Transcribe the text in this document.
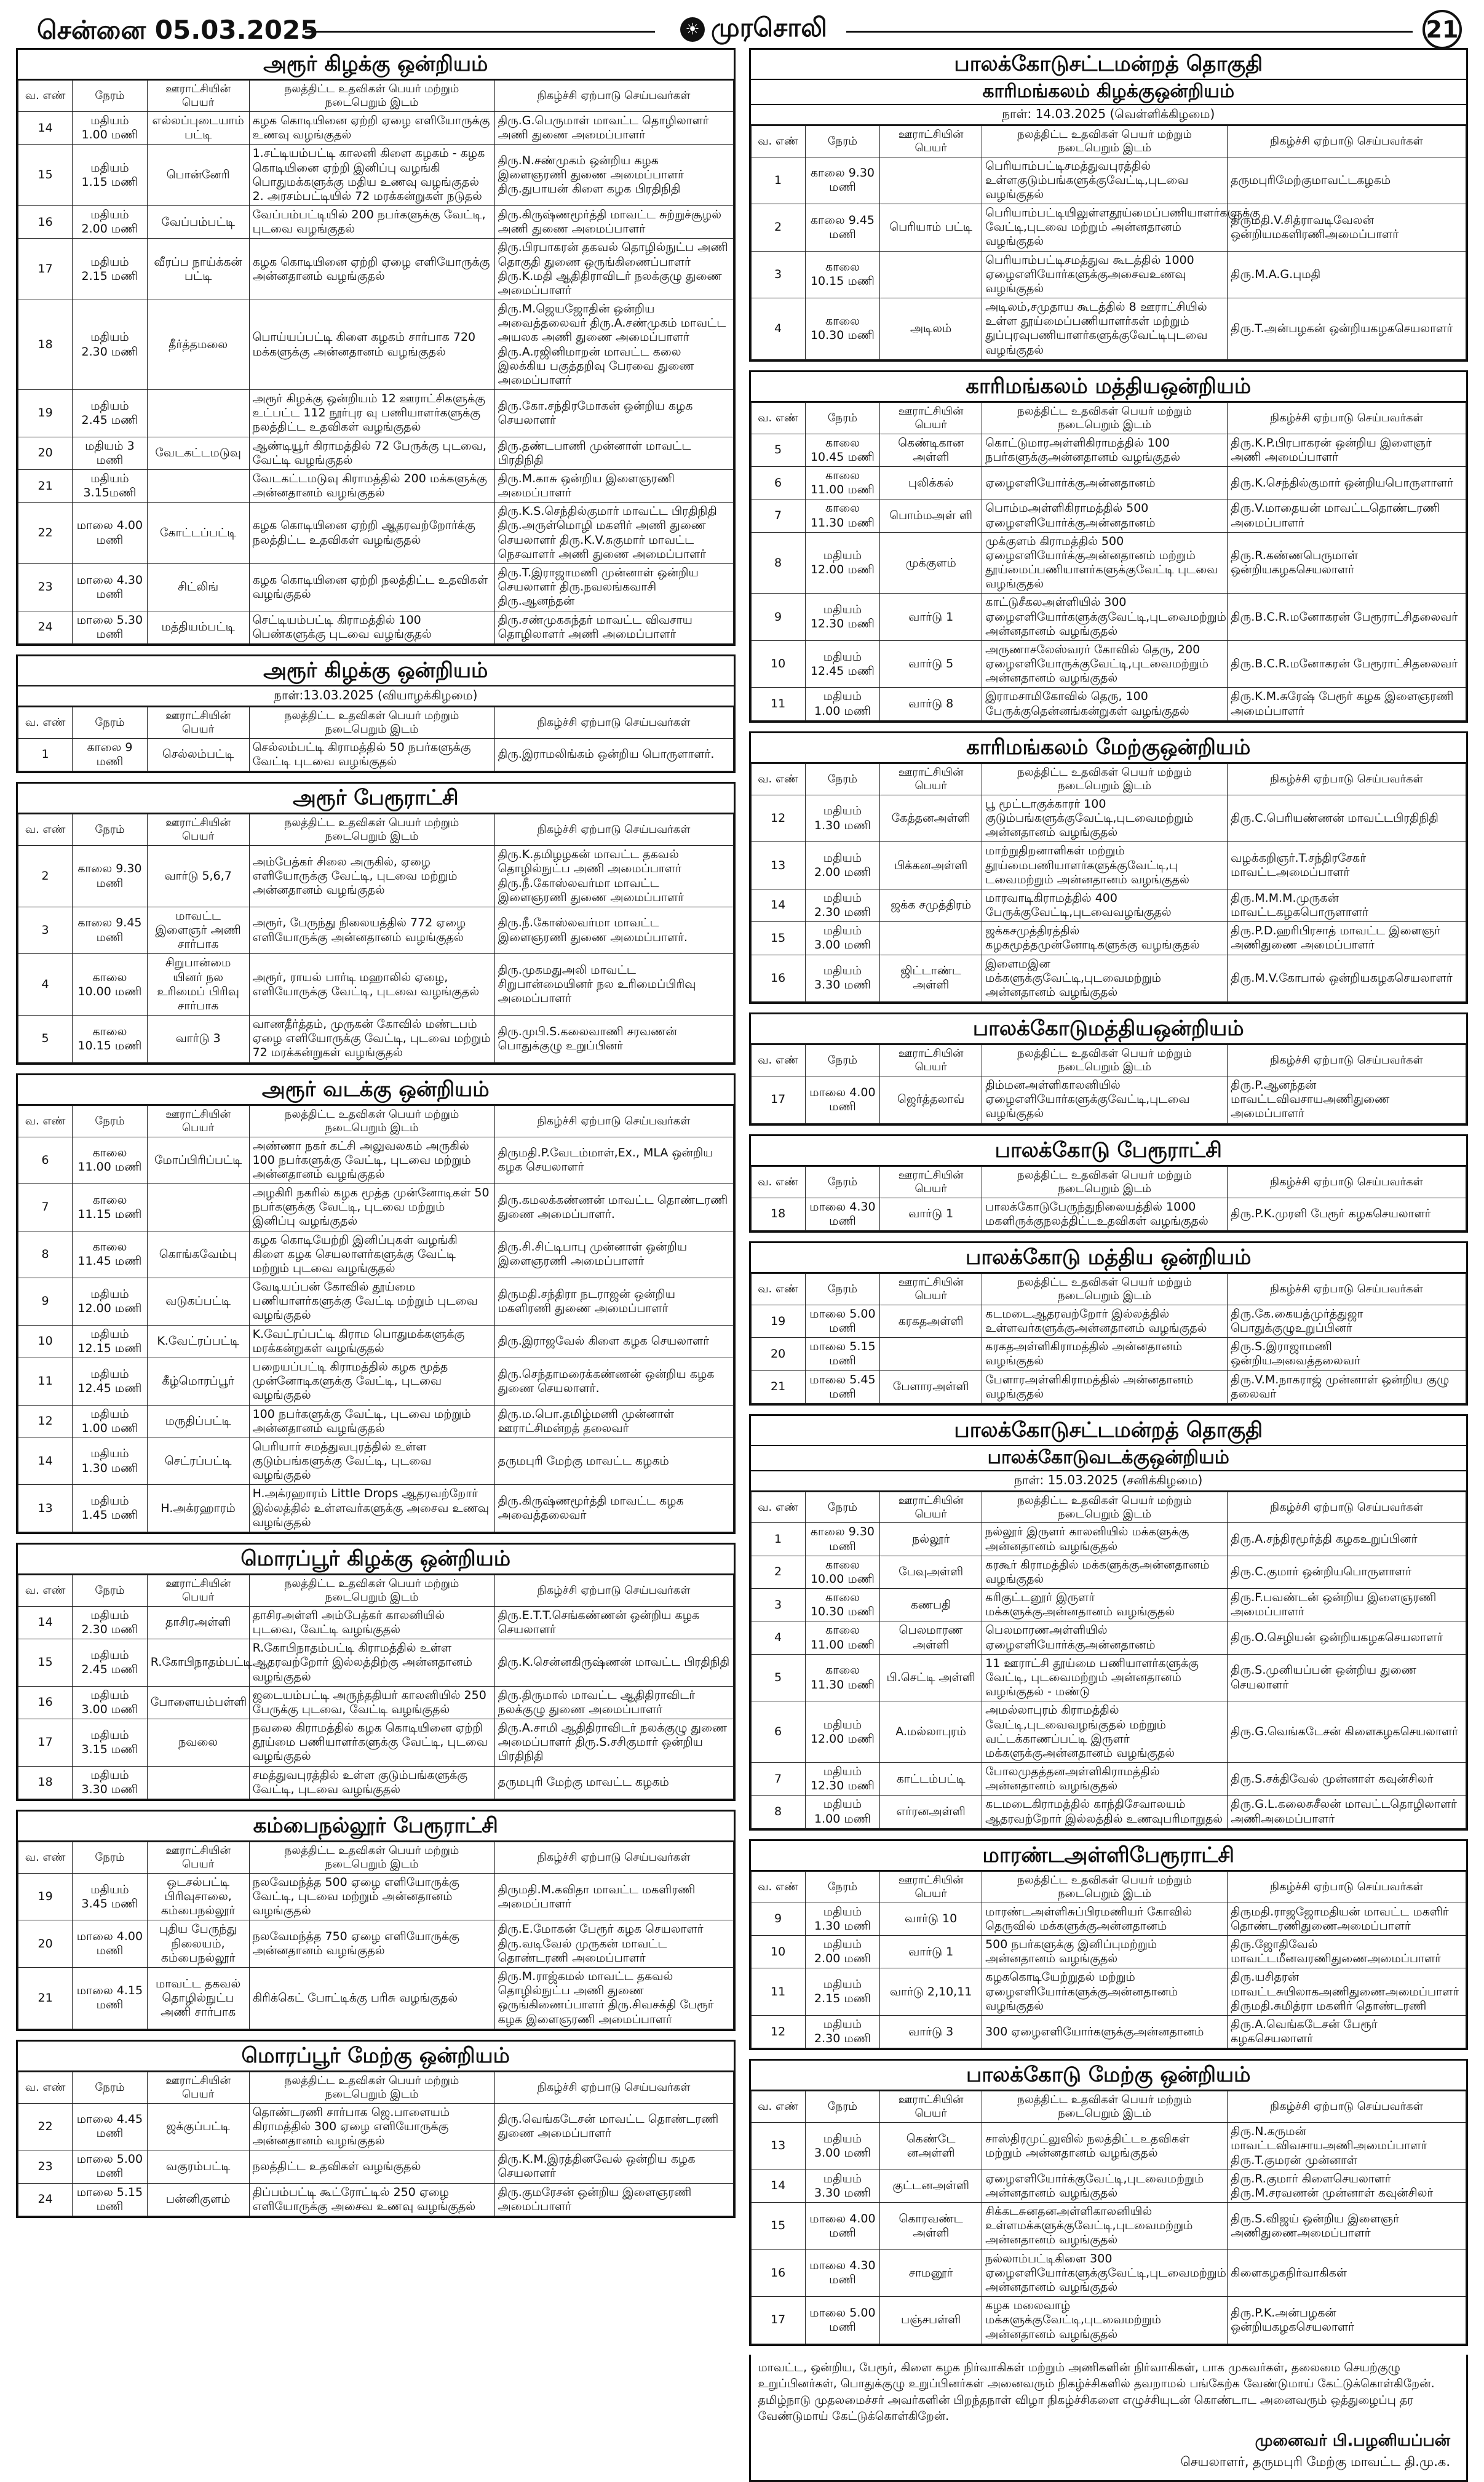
சென்னை 05.03.2025	☀ முரசொலி	21
அரூர் கிழக்கு ஒன்றியம்
வ. எண்	நேரம்	ஊராட்சியின் பெயர்	நலத்திட்ட உதவிகள் பெயர் மற்றும் நடைபெறும் இடம்	நிகழ்ச்சி ஏற்பாடு செய்பவர்கள்
14	மதியம் 1.00 மணி	எல்லப்புடையாம் பட்டி	கழக கொடியினை ஏற்றி ஏழை எளியோருக்கு உணவு வழங்குதல்	திரு.G.பெருமாள் மாவட்ட தொழிலாளர் அணி துணை அமைப்பாளர்
15	மதியம் 1.15 மணி	பொன்னேரி	1.சட்டியம்பட்டி காலனி கிளை கழகம் - கழக கொடியினை ஏற்றி இனிப்பு வழங்கி பொதுமக்களுக்கு மதிய உணவு வழங்குதல் 2. அரசம்பட்டியில் 72 மரக்கன்றுகள் நடுதல்	திரு.N.சண்முகம் ஒன்றிய கழக இளைஞரணி துணை அமைப்பாளர் திரு.துபாயன் கிளை கழக பிரதிநிதி
16	மதியம் 2.00 மணி	வேப்பம்பட்டி	வேப்பம்பட்டியில் 200 நபர்களுக்கு வேட்டி, புடவை வழங்குதல்	திரு.கிருஷ்ணமூர்த்தி மாவட்ட சுற்றுச்சூழல் அணி துணை அமைப்பாளர்
17	மதியம் 2.15 மணி	வீரப்ப நாய்க்கன் பட்டி	கழக கொடியினை ஏற்றி ஏழை எளியோருக்கு அன்னதானம் வழங்குதல்	திரு.பிரபாகரன் தகவல் தொழில்நுட்ப அணி தொகுதி துணை ஒருங்கிணைப்பாளர் திரு.K.மதி ஆதிதிராவிடர் நலக்குழு துணை அமைப்பாளர்
18	மதியம் 2.30 மணி	தீர்த்தமலை	பொய்யப்பட்டி கிளை கழகம் சார்பாக 720 மக்களுக்கு அன்னதானம் வழங்குதல்	திரு.M.ஜெயஜோதின் ஒன்றிய அவைத்தலைவர் திரு.A.சண்முகம் மாவட்ட அயலக அணி துணை அமைப்பாளர் திரு.A.ரஜினிமாறன் மாவட்ட கலை இலக்கிய பகுத்தறிவு பேரவை துணை அமைப்பாளர்
19	மதியம் 2.45 மணி		அரூர் கிழக்கு ஒன்றியம் 12 ஊராட்சிகளுக்கு உட்பட்ட 112 நூர்புர வு பணியாளர்களுக்கு நலத்திட்ட உதவிகள் வழங்குதல்	திரு.கோ.சந்திரமோகன் ஒன்றிய கழக செயலாளர்
20	மதியம் 3 மணி	வேடகட்டமடுவு	ஆண்டியூர் கிராமத்தில் 72 பேருக்கு புடவை, வேட்டி வழங்குதல்	திரு.தண்டபாணி முன்னாள் மாவட்ட பிரதிநிதி
21	மதியம் 3.15மணி		வேடகட்டமடுவு கிராமத்தில் 200 மக்களுக்கு அன்னதானம் வழங்குதல்	திரு.M.காசு ஒன்றிய இளைஞரணி அமைப்பாளர்
22	மாலை 4.00 மணி	கோட்டப்பட்டி	கழக கொடியினை ஏற்றி ஆதரவற்றோர்க்கு நலத்திட்ட உதவிகள் வழங்குதல்	திரு.K.S.செந்தில்குமார் மாவட்ட பிரதிநிதி திரு.அருள்மொழி மகளிர் அணி துணை செயலாளர் திரு.K.V.சுகுமார் மாவட்ட நெசவாளர் அணி துணை அமைப்பாளர்
23	மாலை 4.30 மணி	சிட்லிங்	கழக கொடியினை ஏற்றி நலத்திட்ட உதவிகள் வழங்குதல்	திரு.T.இராஜாமணி முன்னாள் ஒன்றிய செயலாளர் திரு.நவலங்கவாசி திரு.ஆனந்தன்
24	மாலை 5.30 மணி	மத்தியம்பட்டி	செட்டியம்பட்டி கிராமத்தில் 100 பெண்களுக்கு புடவை வழங்குதல்	திரு.சண்முகசுந்தர் மாவட்ட விவசாய தொழிலாளர் அணி அமைப்பாளர்
அரூர் கிழக்கு ஒன்றியம்
நாள்:13.03.2025 (வியாழக்கிழமை)
வ. எண்	நேரம்	ஊராட்சியின் பெயர்	நலத்திட்ட உதவிகள் பெயர் மற்றும் நடைபெறும் இடம்	நிகழ்ச்சி ஏற்பாடு செய்பவர்கள்
1	காலை 9 மணி	செல்லம்பட்டி	செல்லம்பட்டி கிராமத்தில் 50 நபர்களுக்கு வேட்டி புடவை வழங்குதல்	திரு.இராமலிங்கம் ஒன்றிய பொருளாளர்.
அரூர் பேரூராட்சி
வ. எண்	நேரம்	ஊராட்சியின் பெயர்	நலத்திட்ட உதவிகள் பெயர் மற்றும் நடைபெறும் இடம்	நிகழ்ச்சி ஏற்பாடு செய்பவர்கள்
2	காலை 9.30 மணி	வார்டு 5,6,7	அம்பேத்கர் சிலை அருகில், ஏழை எளியோருக்கு வேட்டி, புடவை மற்றும் அன்னதானம் வழங்குதல்	திரு.K.தமிழழகன் மாவட்ட தகவல் தொழில்நுட்ப அணி அமைப்பாளர் திரு.நீ.கோஸ்லவர்மா மாவட்ட இளைஞரணி துணை அமைப்பாளர்
3	காலை 9.45 மணி	மாவட்ட இளைஞர் அணி சார்பாக	அரூர், பேருந்து நிலையத்தில் 772 ஏழை எளியோருக்கு அன்னதானம் வழங்குதல்	திரு.நீ.கோஸ்லவர்மா மாவட்ட இளைஞரணி துணை அமைப்பாளர்.
4	காலை 10.00 மணி	சிறுபான்மை யினர் நல உரிமைப் பிரிவு சார்பாக	அரூர், ராயல் பார்டி மஹாலில் ஏழை, எளியோருக்கு வேட்டி, புடவை வழங்குதல்	திரு.முகமதுஅலி மாவட்ட சிறுபான்மையினர் நல உரிமைப்பிரிவு அமைப்பாளர்
5	காலை 10.15 மணி	வார்டு 3	வாணதீர்த்தம், முருகன் கோவில் மண்டபம் ஏழை எளியோருக்கு வேட்டி, புடவை மற்றும் 72 மரக்கன்றுகள் வழங்குதல்	திரு.முபி.S.கலைவாணி சரவணன் பொதுக்குழு உறுப்பினர்
அரூர் வடக்கு ஒன்றியம்
வ. எண்	நேரம்	ஊராட்சியின் பெயர்	நலத்திட்ட உதவிகள் பெயர் மற்றும் நடைபெறும் இடம்	நிகழ்ச்சி ஏற்பாடு செய்பவர்கள்
6	காலை 11.00 மணி	மோப்பிரிப்பட்டி	அண்ணா நகர் கட்சி அலுவலகம் அருகில் 100 நபர்களுக்கு வேட்டி, புடவை மற்றும் அன்னதானம் வழங்குதல்	திருமதி.P.வேடம்மாள்,Ex., MLA ஒன்றிய கழக செயலாளர்
7	காலை 11.15 மணி		அழகிரி நகரில் கழக மூத்த முன்னோடிகள் 50 நபர்களுக்கு வேட்டி, புடவை மற்றும் இனிப்பு வழங்குதல்	திரு.கமலக்கண்ணன் மாவட்ட தொண்டரணி துணை அமைப்பாளர்.
8	காலை 11.45 மணி	கொங்கவேம்பு	கழக கொடியேற்றி இனிப்புகள் வழங்கி கிளை கழக செயலாளர்களுக்கு வேட்டி மற்றும் புடவை வழங்குதல்	திரு.சி.சிட்டிபாபு முன்னாள் ஒன்றிய இளைஞரணி அமைப்பாளர்
9	மதியம் 12.00 மணி	வடுகப்பட்டி	வேடியப்பன் கோவில் தூய்மை பணியாளர்களுக்கு வேட்டி மற்றும் புடவை வழங்குதல்	திருமதி.சந்திரா நடராஜன் ஒன்றிய மகளிரணி துணை அமைப்பாளர்
10	மதியம் 12.15 மணி	K.வேட்ரப்பட்டி	K.வேட்ரப்பட்டி கிராம பொதுமக்களுக்கு மரக்கன்றுகள் வழங்குதல்	திரு.இராஜவேல் கிளை கழக செயலாளர்
11	மதியம் 12.45 மணி	கீழ்மொரப்பூர்	பறையப்பட்டி கிராமத்தில் கழக மூத்த முன்னோடிகளுக்கு வேட்டி, புடவை வழங்குதல்	திரு.செந்தாமரைக்கண்ணன் ஒன்றிய கழக துணை செயலாளர்.
12	மதியம் 1.00 மணி	மருதிப்பட்டி	100 நபர்களுக்கு வேட்டி, புடவை மற்றும் அன்னதானம் வழங்குதல்	திரு.ம.பொ.தமிழ்மணி முன்னாள் ஊராட்சிமன்றத் தலைவர்
14	மதியம் 1.30 மணி	செட்ரப்பட்டி	பெரியார் சமத்துவபுரத்தில் உள்ள குடும்பங்களுக்கு வேட்டி, புடவை வழங்குதல்	தருமபுரி மேற்கு மாவட்ட கழகம்
13	மதியம் 1.45 மணி	H.அக்ரஹாரம்	H.அக்ரஹாரம் Little Drops ஆதரவற்றோர் இல்லத்தில் உள்ளவர்களுக்கு அசைவ உணவு வழங்குதல்	திரு.கிருஷ்ணமூர்த்தி மாவட்ட கழக அவைத்தலைவர்
மொரப்பூர் கிழக்கு ஒன்றியம்
வ. எண்	நேரம்	ஊராட்சியின் பெயர்	நலத்திட்ட உதவிகள் பெயர் மற்றும் நடைபெறும் இடம்	நிகழ்ச்சி ஏற்பாடு செய்பவர்கள்
14	மதியம் 2.30 மணி	தாசிரஅள்ளி	தாசிரஅள்ளி அம்பேத்கர் காலனியில் புடவை, வேட்டி வழங்குதல்	திரு.E.T.T.செங்கண்ணன் ஒன்றிய கழக செயலாளர்
15	மதியம் 2.45 மணி	R.கோபிநாதம்பட்டி	R.கோபிநாதம்பட்டி கிராமத்தில் உள்ள ஆதரவற்றோர் இல்லத்திற்கு அன்னதானம் வழங்குதல்	திரு.K.சென்னகிருஷ்ணன் மாவட்ட பிரதிநிதி
16	மதியம் 3.00 மணி	போளையம்பள்ளி	ஜடையம்பட்டி அருந்ததியர் காலனியில் 250 பேருக்கு புடவை, வேட்டி வழங்குதல்	திரு.திருமால் மாவட்ட ஆதிதிராவிடர் நலக்குழு துணை அமைப்பாளர்
17	மதியம் 3.15 மணி	நவலை	நவலை கிராமத்தில் கழக கொடியினை ஏற்றி தூய்மை பணியாளர்களுக்கு வேட்டி, புடவை வழங்குதல்	திரு.A.சாமி ஆதிதிராவிடர் நலக்குழு துணை அமைப்பாளர் திரு.S.சசிகுமார் ஒன்றிய பிரதிநிதி
18	மதியம் 3.30 மணி		சமத்துவபுரத்தில் உள்ள குடும்பங்களுக்கு வேட்டி, புடவை வழங்குதல்	தருமபுரி மேற்கு மாவட்ட கழகம்
கம்பைநல்லூர் பேரூராட்சி
வ. எண்	நேரம்	ஊராட்சியின் பெயர்	நலத்திட்ட உதவிகள் பெயர் மற்றும் நடைபெறும் இடம்	நிகழ்ச்சி ஏற்பாடு செய்பவர்கள்
19	மதியம் 3.45 மணி	ஒடசல்பட்டி பிரிவுசாலை, கம்பைநல்லூர்	நலவேமந்த்த 500 ஏழை எளியோருக்கு வேட்டி, புடவை மற்றும் அன்னதானம் வழங்குதல்	திருமதி.M.கவிதா மாவட்ட மகளிரணி அமைப்பாளர்
20	மாலை 4.00 மணி	புதிய பேருந்து நிலையம், கம்பைநல்லூர்	நலவேமந்த்த 750 ஏழை எளியோருக்கு அன்னதானம் வழங்குதல்	திரு.E.மோகன் பேரூர் கழக செயலாளர் திரு.வடிவேல் முருகன் மாவட்ட தொண்டரணி அமைப்பாளர்
21	மாலை 4.15 மணி	மாவட்ட தகவல் தொழில்நுட்ப அணி சார்பாக	கிரிக்கெட் போட்டிக்கு பரிசு வழங்குதல்	திரு.M.ராஜ்கமல் மாவட்ட தகவல் தொழில்நுட்ப அணி துணை ஒருங்கிணைப்பாளர் திரு.சிவசக்தி பேரூர் கழக இளைஞரணி அமைப்பாளர்
மொரப்பூர் மேற்கு ஒன்றியம்
வ. எண்	நேரம்	ஊராட்சியின் பெயர்	நலத்திட்ட உதவிகள் பெயர் மற்றும் நடைபெறும் இடம்	நிகழ்ச்சி ஏற்பாடு செய்பவர்கள்
22	மாலை 4.45 மணி	ஜக்குப்பட்டி	தொண்டரணி சார்பாக ஜெ.பாளையம் கிராமத்தில் 300 ஏழை எளியோருக்கு அன்னதானம் வழங்குதல்	திரு.வெங்கடேசன் மாவட்ட தொண்டரணி துணை அமைப்பாளர்
23	மாலை 5.00 மணி	வகுரம்பட்டி	நலத்திட்ட உதவிகள் வழங்குதல்	திரு.K.M.இரத்தினவேல் ஒன்றிய கழக செயலாளர்
24	மாலை 5.15 மணி	பன்னிகுளம்	திப்பம்பட்டி கூட்ரோட்டில் 250 ஏழை எளியோருக்கு அசைவ உணவு வழங்குதல்	திரு.குமரேசன் ஒன்றிய இளைஞரணி அமைப்பாளர்
பாலக்கோடுசட்டமன்றத் தொகுதி
காரிமங்கலம் கிழக்குஒன்றியம்
நாள்: 14.03.2025 (வெள்ளிக்கிழமை)
வ. எண்	நேரம்	ஊராட்சியின் பெயர்	நலத்திட்ட உதவிகள் பெயர் மற்றும் நடைபெறும் இடம்	நிகழ்ச்சி ஏற்பாடு செய்பவர்கள்
1	காலை 9.30 மணி		பெரியாம்பட்டிசமத்துவபுரத்தில் உள்ளகுடும்பங்களுக்குவேட்டி,புடவை வழங்குதல்	தருமபுரிமேற்குமாவட்டகழகம்
2	காலை 9.45 மணி	பெரியாம் பட்டி	பெரியாம்பட்டியிலுள்ளதூய்மைப்பணியாளர்களுக்கு வேட்டி,புடவை மற்றும் அன்னதானம் வழங்குதல்	திருமதி.V.சித்ராவடிவேலன் ஒன்றியமகளிரணிஅமைப்பாளர்
3	காலை 10.15 மணி		பெரியாம்பட்டிசமத்துவ கூடத்தில் 1000 ஏழைஎளியோர்களுக்குஅசைவஉணவு வழங்குதல்	திரு.M.A.G.புமதி
4	காலை 10.30 மணி	அடிலம்	அடிலம்,சமுதாய கூடத்தில் 8 ஊராட்சியில் உள்ள தூய்மைப்பணியாளர்கள் மற்றும் துப்புரவுபணியாளர்களுக்குவேட்டிபுடவை வழங்குதல்	திரு.T.அன்பழகன் ஒன்றியகழகசெயலாளர்
காரிமங்கலம் மத்தியஒன்றியம்
வ. எண்	நேரம்	ஊராட்சியின் பெயர்	நலத்திட்ட உதவிகள் பெயர் மற்றும் நடைபெறும் இடம்	நிகழ்ச்சி ஏற்பாடு செய்பவர்கள்
5	காலை 10.45 மணி	கெண்டிகான அள்ளி	கொட்டுமாரஅள்ளிகிராமத்தில் 100 நபர்களுக்குஅன்னதானம் வழங்குதல்	திரு.K.P.பிரபாகரன் ஒன்றிய இளைஞர் அணி அமைப்பாளர்
6	காலை 11.00 மணி	புலிக்கல்	ஏழைஎளியோர்க்குஅன்னதானம்	திரு.K.செந்தில்குமார் ஒன்றியபொருளாளர்
7	காலை 11.30 மணி	பொம்மஅள் ளி	பொம்மஅள்ளிகிராமத்தில் 500 ஏழைஎளியோர்க்குஅன்னதானம்	திரு.V.மாதையன் மாவட்டதொண்டரணி அமைப்பாளர்
8	மதியம் 12.00 மணி	முக்குளம்	முக்குளம் கிராமத்தில் 500 ஏழைஎளியோர்க்குஅன்னதானம் மற்றும் தூய்மைப்பணியாளர்களுக்குவேட்டி புடவை வழங்குதல்	திரு.R.கண்ணபெருமாள் ஒன்றியகழகசெயலாளர்
9	மதியம் 12.30 மணி	வார்டு 1	காட்டுசீகலஅள்ளியில் 300 ஏழைஎளியோர்களுக்குவேட்டி,புடவைமற்றும் அன்னதானம் வழங்குதல்	திரு.B.C.R.மனோகரன் பேரூராட்சிதலைவர்
10	மதியம் 12.45 மணி	வார்டு 5	அருணாசலேஸ்வரர் கோவில் தெரு, 200 ஏழைஎளியோருக்குவேட்டி,புடவைமற்றும் அன்னதானம் வழங்குதல்	திரு.B.C.R.மனோகரன் பேரூராட்சிதலைவர்
11	மதியம் 1.00 மணி	வார்டு 8	இராமசாமிகோவில் தெரு, 100 பேருக்குதென்னங்கன்றுகள் வழங்குதல்	திரு.K.M.சுரேஷ் பேரூர் கழக இளைஞரணி அமைப்பாளர்
காரிமங்கலம் மேற்குஒன்றியம்
வ. எண்	நேரம்	ஊராட்சியின் பெயர்	நலத்திட்ட உதவிகள் பெயர் மற்றும் நடைபெறும் இடம்	நிகழ்ச்சி ஏற்பாடு செய்பவர்கள்
12	மதியம் 1.30 மணி	கேத்தனஅள்ளி	பூ மூட்டாகுக்காரர் 100 குடும்பங்களுக்குவேட்டி,புடவைமற்றும் அன்னதானம் வழங்குதல்	திரு.C.பெரியண்ணன் மாவட்டபிரதிநிதி
13	மதியம் 2.00 மணி	பிக்கனஅள்ளி	மாற்றுதிறனாளிகள் மற்றும் தூய்மைபணியாளர்களுக்குவேட்டி,பு டவைமற்றும் அன்னதானம் வழங்குதல்	வழக்கறிஞர்.T.சந்திரசேகர் மாவட்டஅமைப்பாளர்
14	மதியம் 2.30 மணி	ஜக்க சமுத்திரம்	மாரவாடிகிராமத்தில் 400 பேருக்குவேட்டி,புடவைவழங்குதல்	திரு.M.M.M.முருகன் மாவட்டகழகபொருளாளர்
15	மதியம் 3.00 மணி		ஜக்கசமுத்திரத்தில் கழகமூத்தமுன்னோடிகளுக்கு வழங்குதல்	திரு.P.D.ஹரிபிரசாத் மாவட்ட இளைஞர் அணிதுணை அமைப்பாளர்
16	மதியம் 3.30 மணி	ஜிட்டாண்ட அள்ளி	இளைமஇன மக்களுக்குவேட்டி,புடவைமற்றும் அன்னதானம் வழங்குதல்	திரு.M.V.கோபால் ஒன்றியகழகசெயலாளர்
பாலக்கோடுமத்தியஒன்றியம்
வ. எண்	நேரம்	ஊராட்சியின் பெயர்	நலத்திட்ட உதவிகள் பெயர் மற்றும் நடைபெறும் இடம்	நிகழ்ச்சி ஏற்பாடு செய்பவர்கள்
17	மாலை 4.00 மணி	ஜெர்த்தலாவ்	திம்மனஅள்ளிகாலனியில் ஏழைஎளியோர்களுக்குவேட்டி,புடவை வழங்குதல்	திரு.P.ஆனந்தன் மாவட்டவிவசாயஅணிதுணை அமைப்பாளர்
பாலக்கோடு பேரூராட்சி
வ. எண்	நேரம்	ஊராட்சியின் பெயர்	நலத்திட்ட உதவிகள் பெயர் மற்றும் நடைபெறும் இடம்	நிகழ்ச்சி ஏற்பாடு செய்பவர்கள்
18	மாலை 4.30 மணி	வார்டு 1	பாலக்கோடுபேருந்துநிலையத்தில் 1000 மகளிருக்குநலத்திட்டஉதவிகள் வழங்குதல்	திரு.P.K.முரளி பேரூர் கழகசெயலாளர்
பாலக்கோடு மத்திய ஒன்றியம்
வ. எண்	நேரம்	ஊராட்சியின் பெயர்	நலத்திட்ட உதவிகள் பெயர் மற்றும் நடைபெறும் இடம்	நிகழ்ச்சி ஏற்பாடு செய்பவர்கள்
19	மாலை 5.00 மணி	கரகதஅள்ளி	கடமடைஆதரவற்றோர் இல்லத்தில் உள்ளவர்களுக்குஅன்னதானம் வழங்குதல்	திரு.கே.கையத்முர்த்துஜா பொதுக்குழுஉறுப்பினர்
20	மாலை 5.15 மணி		கரகதஅள்ளிகிராமத்தில் அன்னதானம் வழங்குதல்	திரு.S.இராஜாமணி ஒன்றியஅவைத்தலைவர்
21	மாலை 5.45 மணி	பேளாரஅள்ளி	பேளாரஅள்ளிகிராமத்தில் அன்னதானம் வழங்குதல்	திரு.V.M.நாகராஜ் முன்னாள் ஒன்றிய குழு தலைவர்
பாலக்கோடுசட்டமன்றத் தொகுதி
பாலக்கோடுவடக்குஒன்றியம்
நாள்: 15.03.2025 (சனிக்கிழமை)
வ. எண்	நேரம்	ஊராட்சியின் பெயர்	நலத்திட்ட உதவிகள் பெயர் மற்றும் நடைபெறும் இடம்	நிகழ்ச்சி ஏற்பாடு செய்பவர்கள்
1	காலை 9.30 மணி	நல்லூர்	நல்லூர் இருளர் காலனியில் மக்களுக்கு அன்னதானம் வழங்குதல்	திரு.A.சந்திரமூர்த்தி கழகஉறுப்பினர்
2	காலை 10.00 மணி	பேவுஅள்ளி	கரகூர் கிராமத்தில் மக்களுக்குஅன்னதானம் வழங்குதல்	திரு.C.குமார் ஒன்றியபொருளாளர்
3	காலை 10.30 மணி	கணபதி	கரிகுட்டனூர் இருளர் மக்களுக்குஅன்னதானம் வழங்குதல்	திரு.F.பவண்டன் ஒன்றிய இளைஞரணி அமைப்பாளர்
4	காலை 11.00 மணி	பெலமாரண அள்ளி	பெலமாரணஅள்ளியில் ஏழைஎளியோர்க்குஅன்னதானம்	திரு.O.செழியன் ஒன்றியகழகசெயலாளர்
5	காலை 11.30 மணி	பி.செட்டி அள்ளி	11 ஊராட்சி தூய்மை பணியாளர்களுக்கு வேட்டி, புடவைமற்றும் அன்னதானம் வழங்குதல் - மண்டு	திரு.S.முனியப்பன் ஒன்றிய துணை செயலாளர்
6	மதியம் 12.00 மணி	A.மல்லாபுரம்	அமல்லாபுரம் கிராமத்தில் வேட்டி,புடவைவழங்குதல் மற்றும் வட்டக்காணப்பட்டி இருளர் மக்களுக்குஅன்னதானம் வழங்குதல்	திரு.G.வெங்கடேசன் கிளைகழகசெயலாளர்
7	மதியம் 12.30 மணி	காட்டம்பட்டி	போலமுதத்தனஅள்ளிகிராமத்தில் அன்னதானம் வழங்குதல்	திரு.S.சக்திவேல் முன்னாள் கவுன்சிலர்
8	மதியம் 1.00 மணி	எர்ரனஅள்ளி	கடமடைகிராமத்தில் காந்திசேவாலயம் ஆதரவற்றோர் இல்லத்தில் உணவுபரிமாறுதல்	திரு.G.L.கலைசுசீலன் மாவட்டதொழிலாளர் அணிஅமைப்பாளர்
மாரண்டஅள்ளிபேரூராட்சி
வ. எண்	நேரம்	ஊராட்சியின் பெயர்	நலத்திட்ட உதவிகள் பெயர் மற்றும் நடைபெறும் இடம்	நிகழ்ச்சி ஏற்பாடு செய்பவர்கள்
9	மதியம் 1.30 மணி	வார்டு 10	மாரண்டஅள்ளிசுப்பிரமணியர் கோவில் தெருவில் மக்களுக்குஅன்னதானம்	திருமதி.ராஜஜோமதியன் மாவட்ட மகளிர் தொண்டரணிதுணைஅமைப்பாளர்
10	மதியம் 2.00 மணி	வார்டு 1	500 நபர்களுக்கு இனிப்புமற்றும் அன்னதானம் வழங்குதல்	திரு.ஜோதிவேல் மாவட்டமீனவரணிதுணைஅமைப்பாளர்
11	மதியம் 2.15 மணி	வார்டு 2,10,11	கழககொடியேற்றுதல் மற்றும் ஏழைஎளியோர்களுக்குஅன்னதானம் வழங்குதல்	திரு.யசிதரன் மாவட்டசுயிலாகஅணிதுணைஅமைப்பாளர் திருமதி.சுமித்ரா மகளிர் தொண்டரணி
12	மதியம் 2.30 மணி	வார்டு 3	300 ஏழைஎளியோர்களுக்குஅன்னதானம்	திரு.A.வெங்கடேசன் பேரூர் கழகசெயலாளர்
பாலக்கோடு மேற்கு ஒன்றியம்
வ. எண்	நேரம்	ஊராட்சியின் பெயர்	நலத்திட்ட உதவிகள் பெயர் மற்றும் நடைபெறும் இடம்	நிகழ்ச்சி ஏற்பாடு செய்பவர்கள்
13	மதியம் 3.00 மணி	கெண்டே னஅள்ளி	சாஸ்திரமுட்லுவில் நலத்திட்டஉதவிகள் மற்றும் அன்னதானம் வழங்குதல்	திரு.N.கருமன் மாவட்டவிவசாயஅணிஅமைப்பாளர் திரு.T.குமரன் முன்னாள்
14	மதியம் 3.30 மணி	குட்டனஅள்ளி	ஏழைஎளியோர்க்குவேட்டி,புடவைமற்றும் அன்னதானம் வழங்குதல்	திரு.R.குமார் கிளைசெயலாளர் திரு.M.சரவணன் முன்னாள் கவுன்சிலர்
15	மாலை 4.00 மணி	கொரவண்ட அள்ளி	சிக்கடசுனதனஅள்ளிகாலனியில் உள்ளமக்களுக்குவேட்டி,புடவைமற்றும் அன்னதானம் வழங்குதல்	திரு.S.விஜய் ஒன்றிய இளைஞர் அணிதுணைஅமைப்பாளர்
16	மாலை 4.30 மணி	சாமனூர்	நல்லாம்பட்டிகிளை 300 ஏழைஎளியோர்களுக்குவேட்டி,புடவைமற்றும் அன்னதானம் வழங்குதல்	கிளைகழகநிர்வாகிகள்
17	மாலை 5.00 மணி	பஞ்சபள்ளி	கழக மலைவாழ் மக்களுக்குவேட்டி,புடவைமற்றும் அன்னதானம் வழங்குதல்	திரு.P.K.அன்பழகன் ஒன்றியகழகசெயலாளர்
மாவட்ட, ஒன்றிய, பேரூர், கிளை கழக நிர்வாகிகள் மற்றும் அணிகளின் நிர்வாகிகள், பாக முகவர்கள், தலைமை செயற்குழு உறுப்பினர்கள், பொதுக்குழு உறுப்பினர்கள் அனைவரும் நிகழ்ச்சிகளில் தவறாமல் பங்கேற்க வேண்டுமாய் கேட்டுக்கொள்கிறேன்.
தமிழ்நாடு முதலமைச்சர் அவர்களின் பிறந்தநாள் விழா நிகழ்ச்சிகளை எழுச்சியுடன் கொண்டாட அனைவரும் ஒத்துழைப்பு தர வேண்டுமாய் கேட்டுக்கொள்கிறேன்.
முனைவர் பி.பழனியப்பன்
செயலாளர், தருமபுரி மேற்கு மாவட்ட தி.மு.க.
